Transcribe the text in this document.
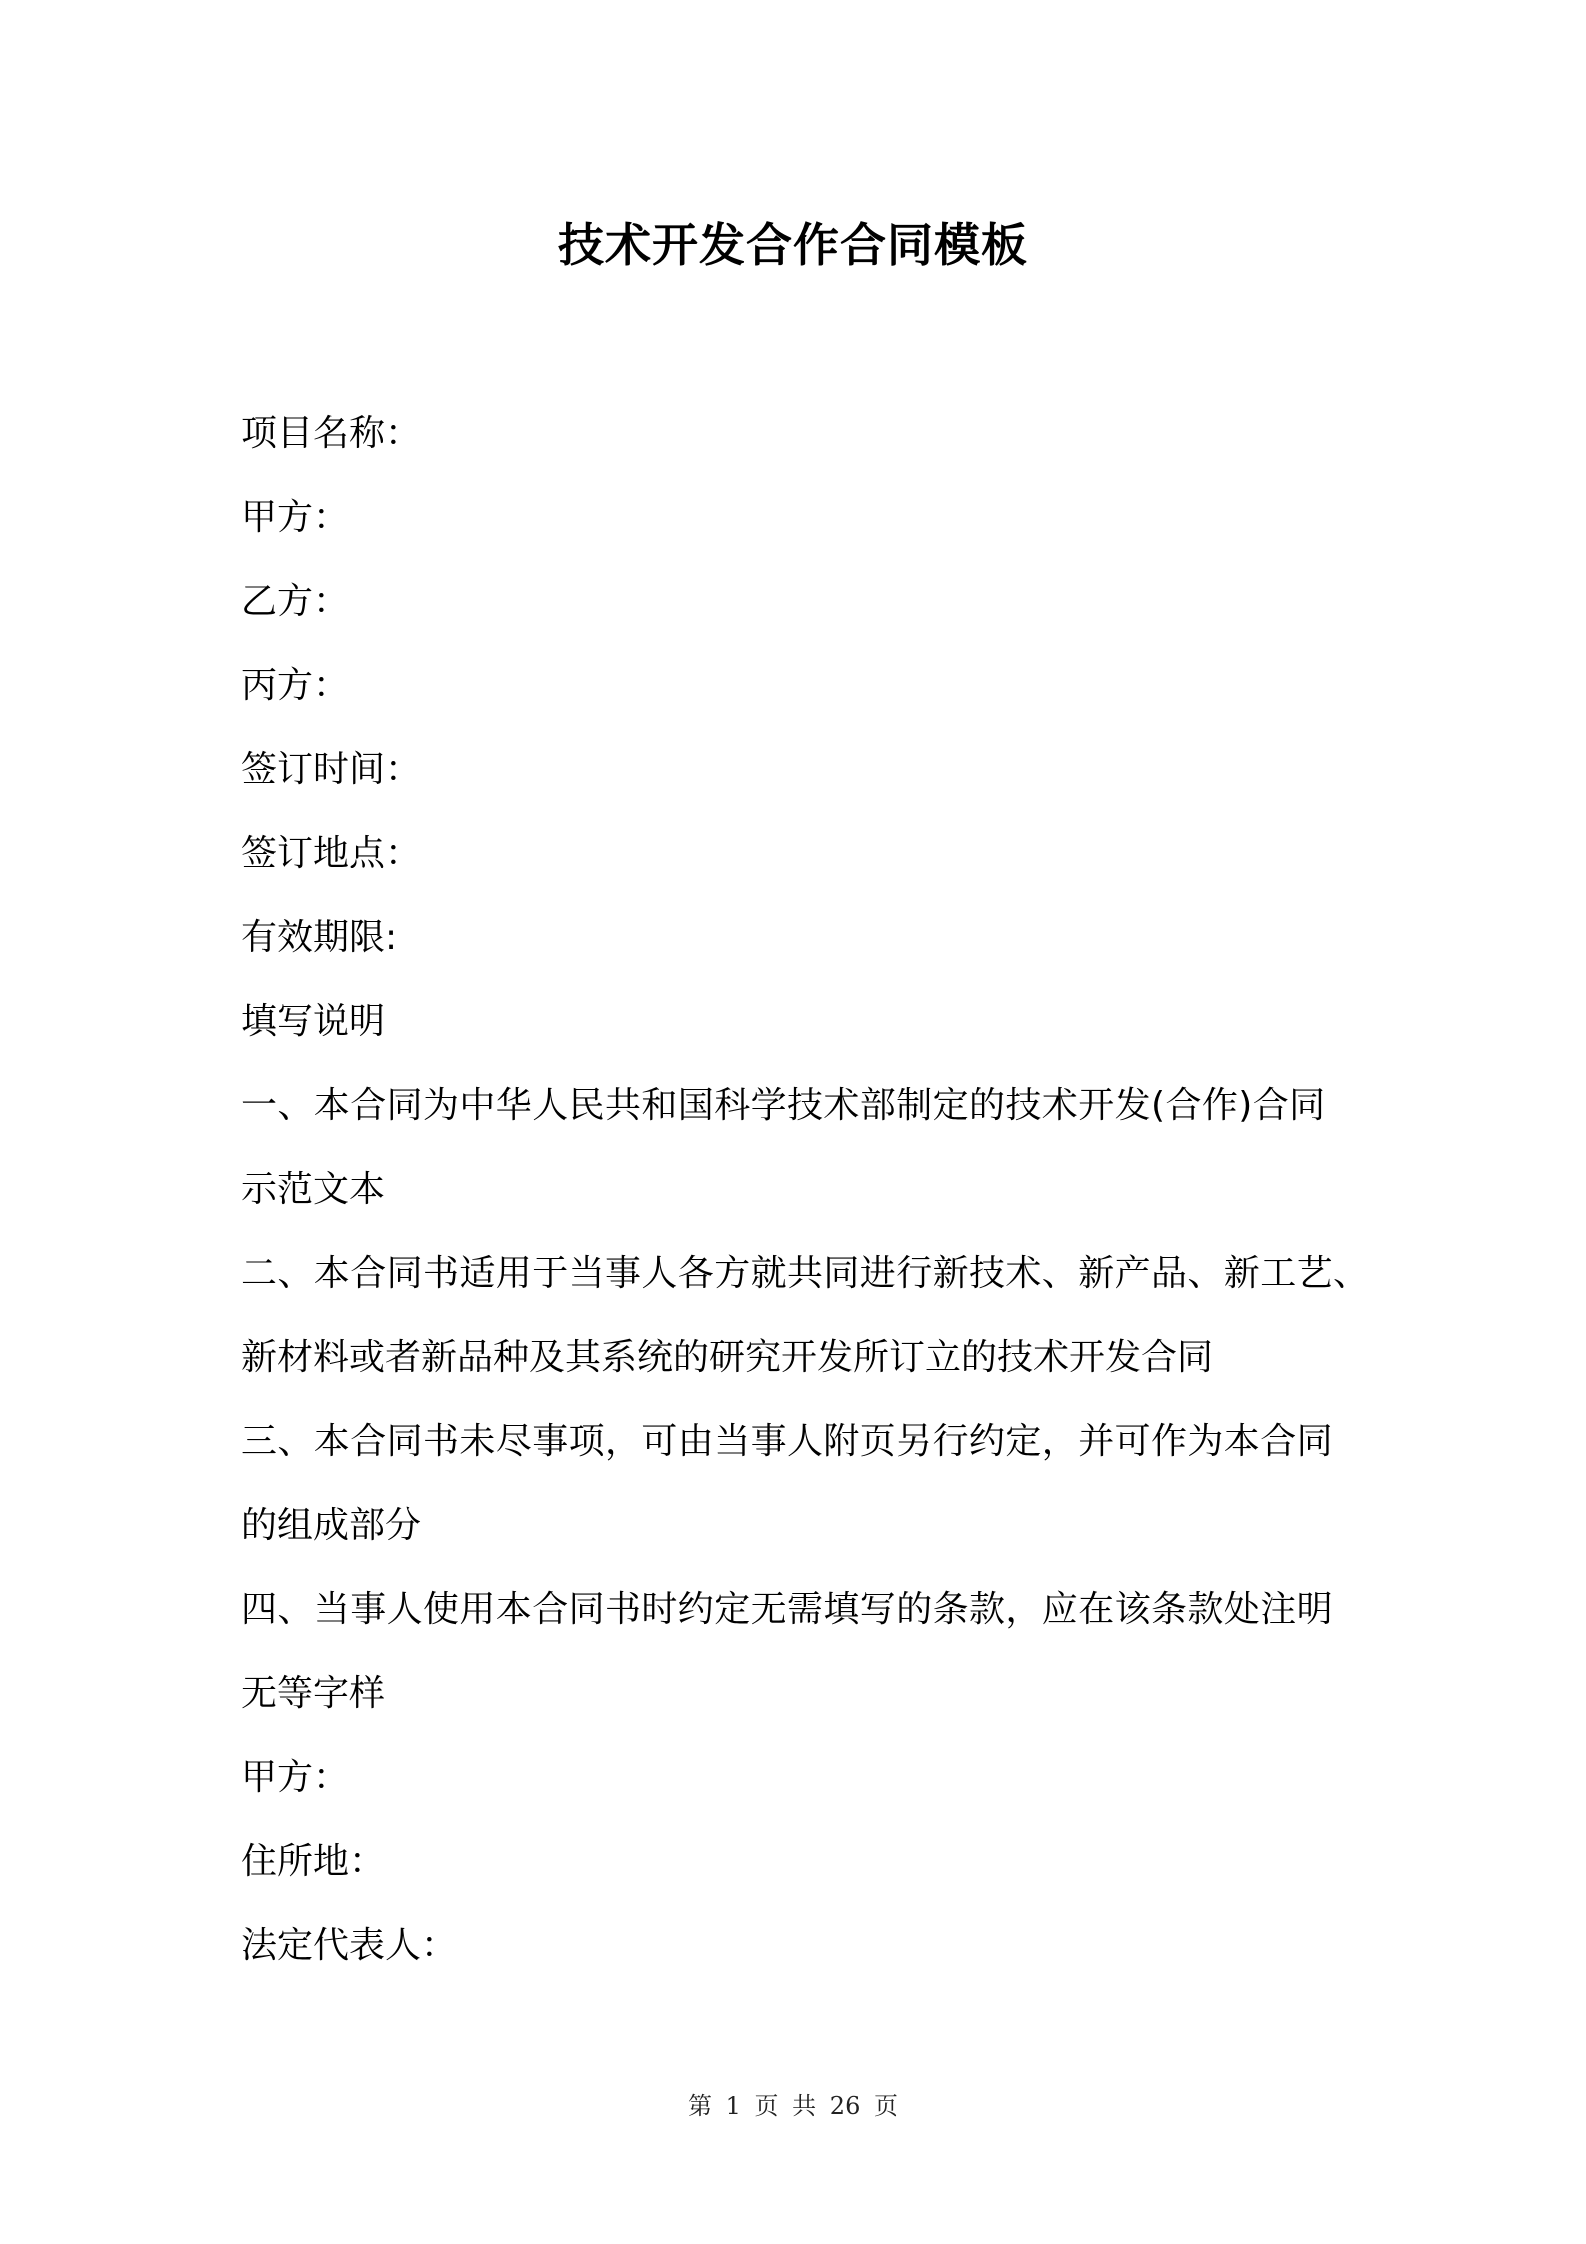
技术开发合作合同模板
项目名称：
甲方：
乙方：
丙方：
签订时间：
签订地点：
有效期限:
填写说明
一、本合同为中华人民共和国科学技术部制定的技术开发(合作)合同
示范文本
二、本合同书适用于当事人各方就共同进行新技术、新产品、新工艺、
新材料或者新品种及其系统的研究开发所订立的技术开发合同
三、本合同书未尽事项，可由当事人附页另行约定，并可作为本合同
的组成部分
四、当事人使用本合同书时约定无需填写的条款，应在该条款处注明
无等字样
甲方：
住所地：
法定代表人：
第 1 页 共 26 页
